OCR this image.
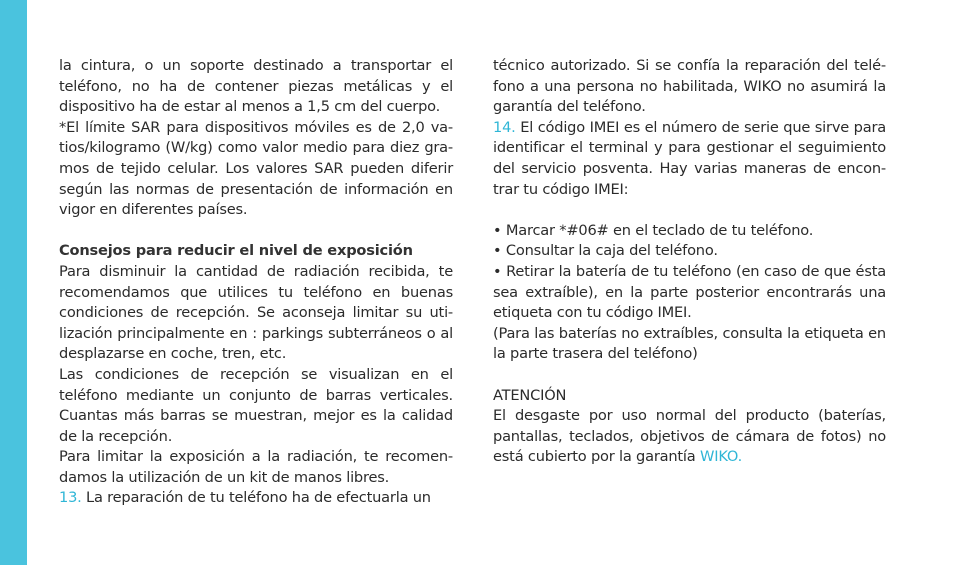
la cintura, o un soporte destinado a transportar el teléfono, no ha de contener piezas metálicas y el dispositivo ha de estar al menos a 1,5 cm del cuerpo.

*El límite SAR para dispositivos móviles es de 2,0 va-tios/kilogramo (W/kg) como valor medio para diez gra-mos de tejido celular. Los valores SAR pueden diferir según las normas de presentación de información en vigor en diferentes países.

Consejos para reducir el nivel de exposición

Para disminuir la cantidad de radiación recibida, te recomendamos que utilices tu teléfono en buenas condiciones de recepción. Se aconseja limitar su uti-lización principalmente en : parkings subterráneos o al desplazarse en coche, tren, etc.

Las condiciones de recepción se visualizan en el teléfono mediante un conjunto de barras verticales. Cuantas más barras se muestran, mejor es la calidad de la recepción.

Para limitar la exposición a la radiación, te recomen-damos la utilización de un kit de manos libres.

13. La reparación de tu teléfono ha de efectuarla un

técnico autorizado. Si se confía la reparación del telé-fono a una persona no habilitada, WIKO no asumirá la garantía del teléfono.

14. El código IMEI es el número de serie que sirve para identificar el terminal y para gestionar el seguimiento del servicio posventa. Hay varias maneras de encon-trar tu código IMEI:

• Marcar *#06# en el teclado de tu teléfono.

• Consultar la caja del teléfono.

• Retirar la batería de tu teléfono (en caso de que ésta sea extraíble), en la parte posterior encontrarás una etiqueta con tu código IMEI.

(Para las baterías no extraíbles, consulta la etiqueta en la parte trasera del teléfono)

ATENCIÓN

El desgaste por uso normal del producto (baterías, pantallas, teclados, objetivos de cámara de fotos) no está cubierto por la garantía WIKO.
